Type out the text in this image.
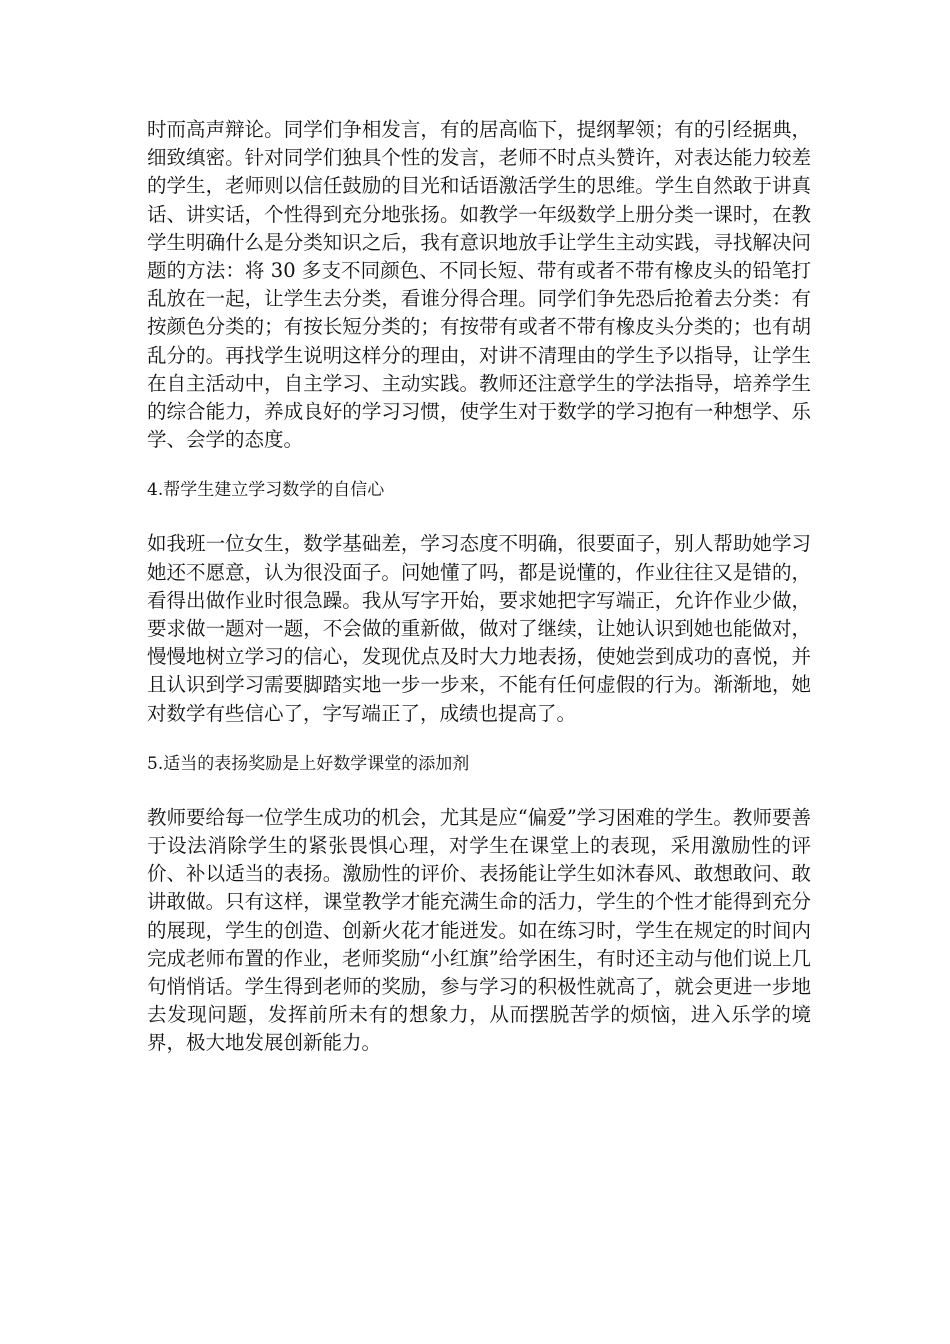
时而高声辩论。同学们争相发言，有的居高临下，提纲挈领；有的引经据典，细致缜密。针对同学们独具个性的发言，老师不时点头赞许，对表达能力较差的学生，老师则以信任鼓励的目光和话语激活学生的思维。学生自然敢于讲真话、讲实话，个性得到充分地张扬。如教学一年级数学上册分类一课时，在教学生明确什么是分类知识之后，我有意识地放手让学生主动实践，寻找解决问题的方法：将 30 多支不同颜色、不同长短、带有或者不带有橡皮头的铅笔打乱放在一起，让学生去分类，看谁分得合理。同学们争先恐后抢着去分类：有按颜色分类的；有按长短分类的；有按带有或者不带有橡皮头分类的；也有胡乱分的。再找学生说明这样分的理由，对讲不清理由的学生予以指导，让学生在自主活动中，自主学习、主动实践。教师还注意学生的学法指导，培养学生的综合能力，养成良好的学习习惯，使学生对于数学的学习抱有一种想学、乐学、会学的态度。

4.帮学生建立学习数学的自信心

如我班一位女生，数学基础差，学习态度不明确，很要面子，别人帮助她学习她还不愿意，认为很没面子。问她懂了吗，都是说懂的，作业往往又是错的，看得出做作业时很急躁。我从写字开始，要求她把字写端正，允许作业少做，要求做一题对一题，不会做的重新做，做对了继续，让她认识到她也能做对，慢慢地树立学习的信心，发现优点及时大力地表扬，使她尝到成功的喜悦，并且认识到学习需要脚踏实地一步一步来，不能有任何虚假的行为。渐渐地，她对数学有些信心了，字写端正了，成绩也提高了。

5.适当的表扬奖励是上好数学课堂的添加剂

教师要给每一位学生成功的机会，尤其是应“偏爱”学习困难的学生。教师要善于设法消除学生的紧张畏惧心理，对学生在课堂上的表现，采用激励性的评价、补以适当的表扬。激励性的评价、表扬能让学生如沐春风、敢想敢问、敢讲敢做。只有这样，课堂教学才能充满生命的活力，学生的个性才能得到充分的展现，学生的创造、创新火花才能迸发。如在练习时，学生在规定的时间内完成老师布置的作业，老师奖励“小红旗”给学困生，有时还主动与他们说上几句悄悄话。学生得到老师的奖励，参与学习的积极性就高了，就会更进一步地去发现问题，发挥前所未有的想象力，从而摆脱苦学的烦恼，进入乐学的境界，极大地发展创新能力。
